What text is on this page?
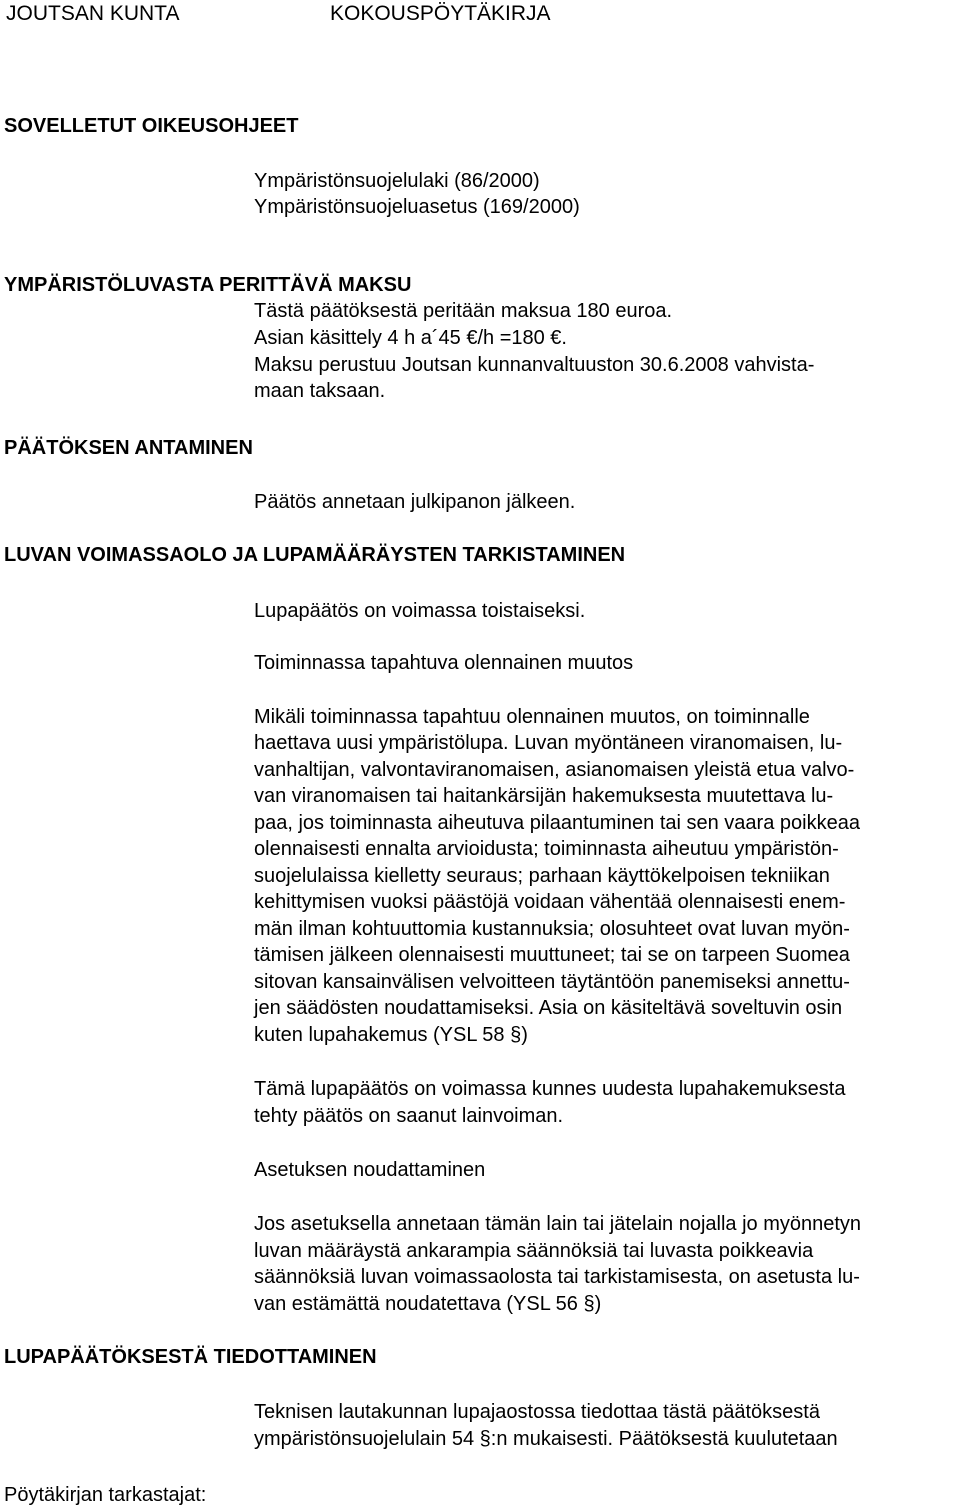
JOUTSAN KUNTA	KOKOUSPÖYTÄKIRJA
SOVELLETUT OIKEUSOHJEET
Ympäristönsuojelulaki (86/2000)
Ympäristönsuojeluasetus (169/2000)
YMPÄRISTÖLUVASTA PERITTÄVÄ MAKSU
Tästä päätöksestä peritään maksua 180 euroa.
Asian käsittely 4 h a´45 €/h =180 €.
Maksu perustuu Joutsan kunnanvaltuuston 30.6.2008 vahvista-
maan taksaan.
PÄÄTÖKSEN ANTAMINEN
Päätös annetaan julkipanon jälkeen.
LUVAN VOIMASSAOLO JA LUPAMÄÄRÄYSTEN TARKISTAMINEN
Lupapäätös on voimassa toistaiseksi.
Toiminnassa tapahtuva olennainen muutos
Mikäli toiminnassa tapahtuu olennainen muutos, on toiminnalle
haettava uusi ympäristölupa. Luvan myöntäneen viranomaisen, lu-
vanhaltijan, valvontaviranomaisen, asianomaisen yleistä etua valvo-
van viranomaisen tai haitankärsijän hakemuksesta muutettava lu-
paa, jos toiminnasta aiheutuva pilaantuminen tai sen vaara poikkeaa
olennaisesti ennalta arvioidusta; toiminnasta aiheutuu ympäristön-
suojelulaissa kielletty seuraus; parhaan käyttökelpoisen tekniikan
kehittymisen vuoksi päästöjä voidaan vähentää olennaisesti enem-
män ilman kohtuuttomia kustannuksia; olosuhteet ovat luvan myön-
tämisen jälkeen olennaisesti muuttuneet; tai se on tarpeen Suomea
sitovan kansainvälisen velvoitteen täytäntöön panemiseksi annettu-
jen säädösten noudattamiseksi. Asia on käsiteltävä soveltuvin osin
kuten lupahakemus (YSL 58 §)
Tämä lupapäätös on voimassa kunnes uudesta lupahakemuksesta
tehty päätös on saanut lainvoiman.
Asetuksen noudattaminen
Jos asetuksella annetaan tämän lain tai jätelain nojalla jo myönnetyn
luvan määräystä ankarampia säännöksiä tai luvasta poikkeavia
säännöksiä luvan voimassaolosta tai tarkistamisesta, on asetusta lu-
van estämättä noudatettava (YSL 56 §)
LUPAPÄÄTÖKSESTÄ TIEDOTTAMINEN
Teknisen lautakunnan lupajaostossa tiedottaa tästä päätöksestä
ympäristönsuojelulain 54 §:n mukaisesti. Päätöksestä kuulutetaan
Pöytäkirjan tarkastajat:
